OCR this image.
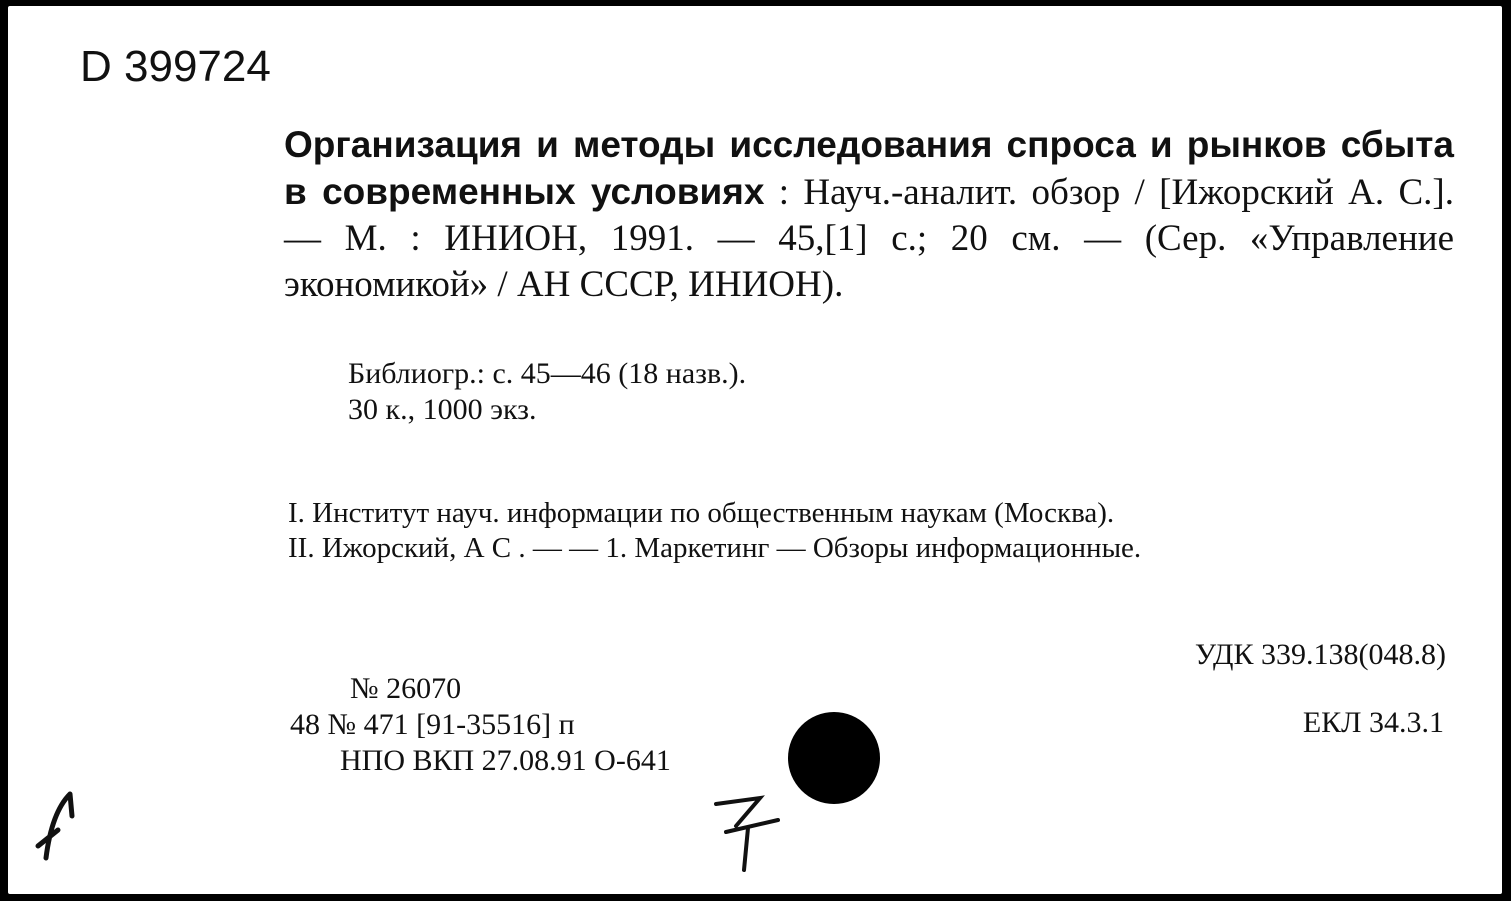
D 399724
Организация и методы исследования спроса и рынков сбыта в современных условиях : Науч.-аналит. обзор / [Ижорский А. С.]. — М. : ИНИОН, 1991. — 45,[1] с.; 20 см. — (Сер. «Управление экономикой» / АН СССР, ИНИОН).
Библиогр.: с. 45—46 (18 назв.).
30 к., 1000 экз.
I. Институт науч. информации по общественным наукам (Москва).
II. Ижорский, А С . — — 1. Маркетинг — Обзоры информационные.
УДК 339.138(048.8)
ЕКЛ 34.3.1
№ 26070
48 № 471 [91-35516] п
НПО ВКП 27.08.91 О-641
